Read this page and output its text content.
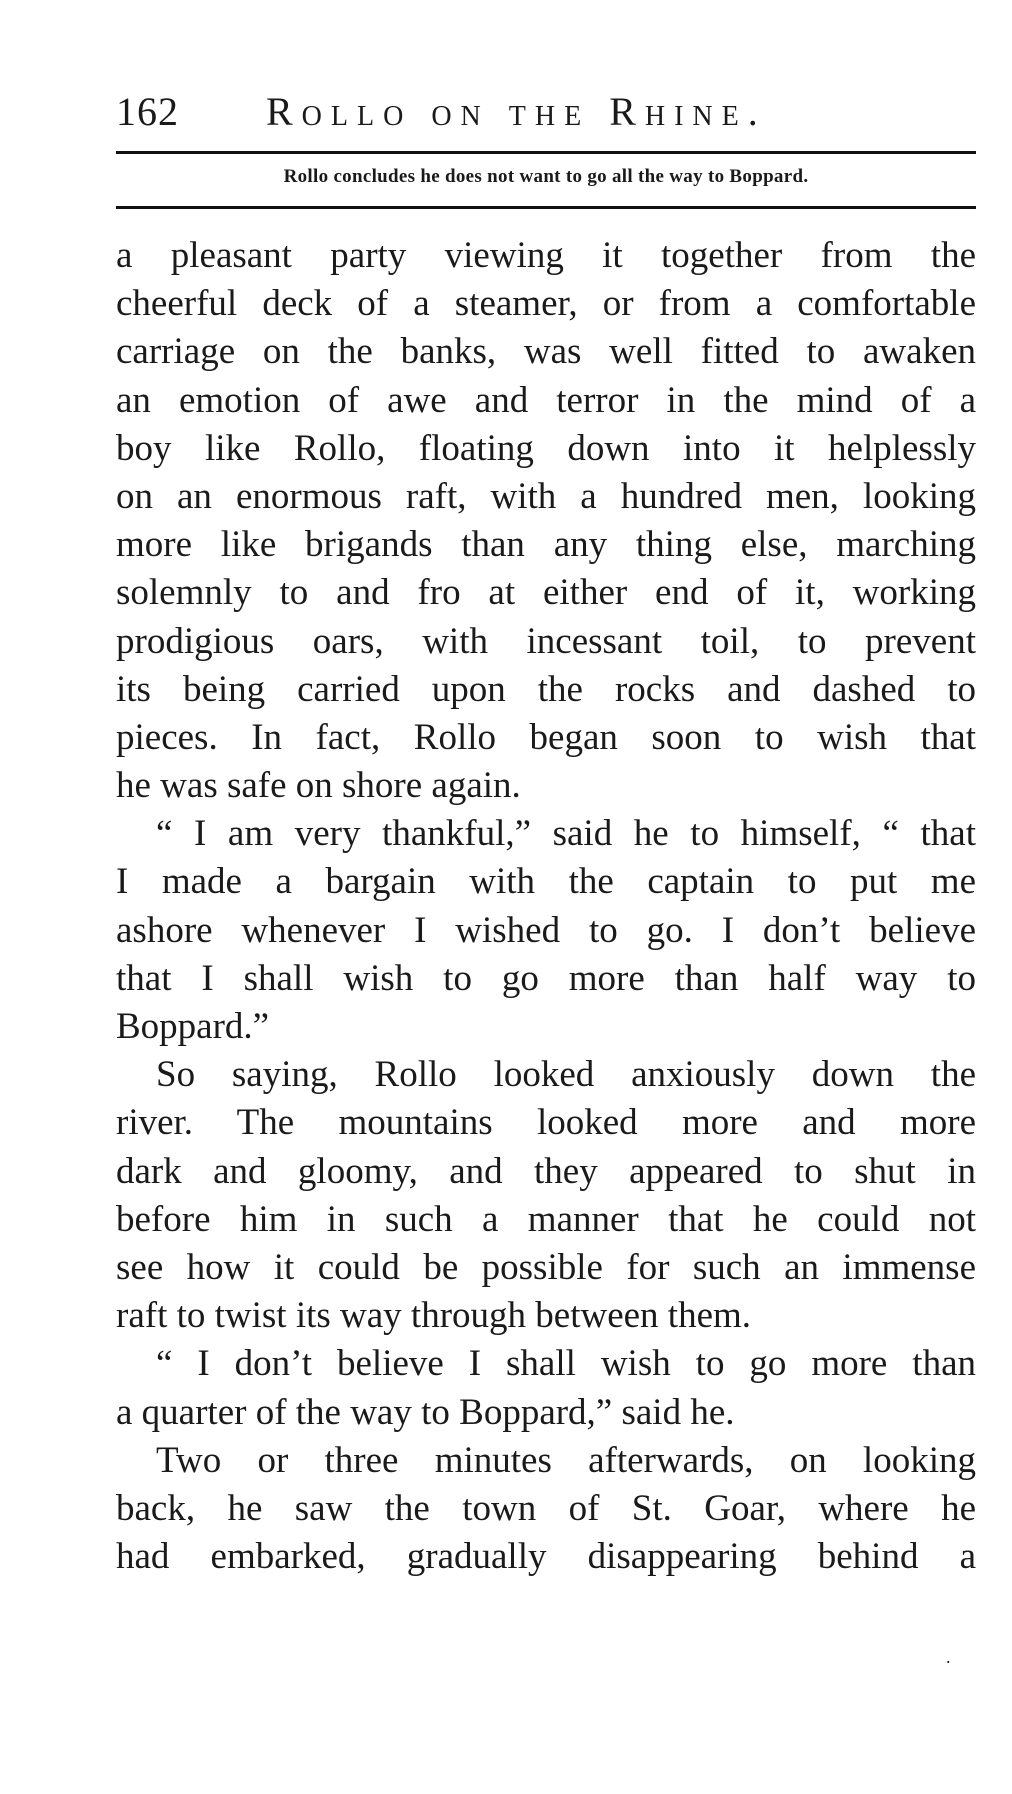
162 Rollo on the Rhine.
Rollo concludes he does not want to go all the way to Boppard.
a pleasant party viewing it together from the
cheerful deck of a steamer, or from a comfortable
carriage on the banks, was well fitted to awaken
an emotion of awe and terror in the mind of a
boy like Rollo, floating down into it helplessly
on an enormous raft, with a hundred men, looking
more like brigands than any thing else, marching
solemnly to and fro at either end of it, working
prodigious oars, with incessant toil, to prevent
its being carried upon the rocks and dashed to
pieces. In fact, Rollo began soon to wish that
he was safe on shore again.
“ I am very thankful,” said he to himself, “ that
I made a bargain with the captain to put me
ashore whenever I wished to go. I don’t believe
that I shall wish to go more than half way to
Boppard.”
So saying, Rollo looked anxiously down the
river. The mountains looked more and more
dark and gloomy, and they appeared to shut in
before him in such a manner that he could not
see how it could be possible for such an immense
raft to twist its way through between them.
“ I don’t believe I shall wish to go more than
a quarter of the way to Boppard,” said he.
Two or three minutes afterwards, on looking
back, he saw the town of St. Goar, where he
had embarked, gradually disappearing behind a
.
